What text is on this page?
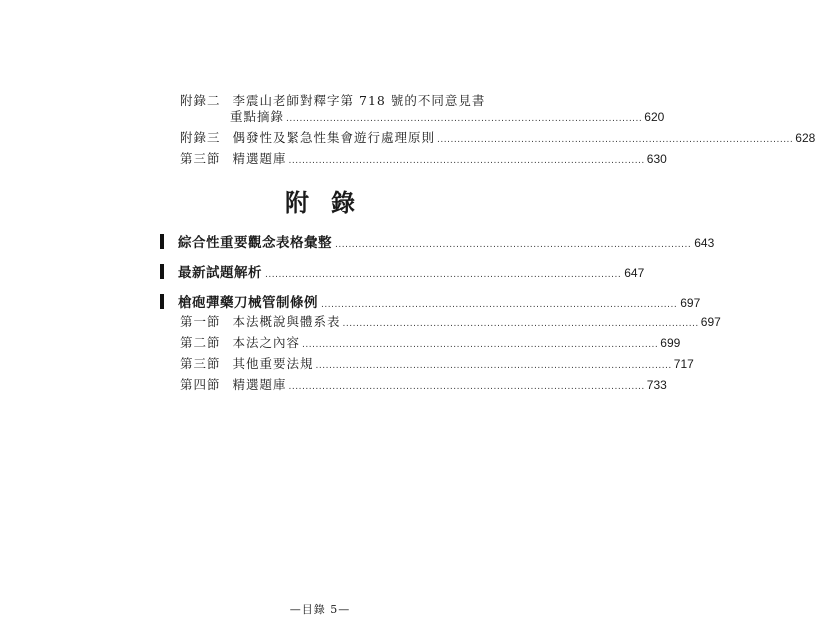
附錄二 李震山老師對釋字第 718 號的不同意見書
重點摘錄 .......................................................................................................... 620
附錄三 偶發性及緊急性集會遊行處理原則 .......................................................................................................... 628
第三節 精選題庫 .......................................................................................................... 630
附錄
綜合性重要觀念表格彙整 .......................................................................................................... 643
最新試題解析 .......................................................................................................... 647
槍砲彈藥刀械管制條例 .......................................................................................................... 697
第一節 本法概說與體系表 .......................................................................................................... 697
第二節 本法之內容 .......................................................................................................... 699
第三節 其他重要法規 .......................................................................................................... 717
第四節 精選題庫 .......................................................................................................... 733
—目錄 5—
